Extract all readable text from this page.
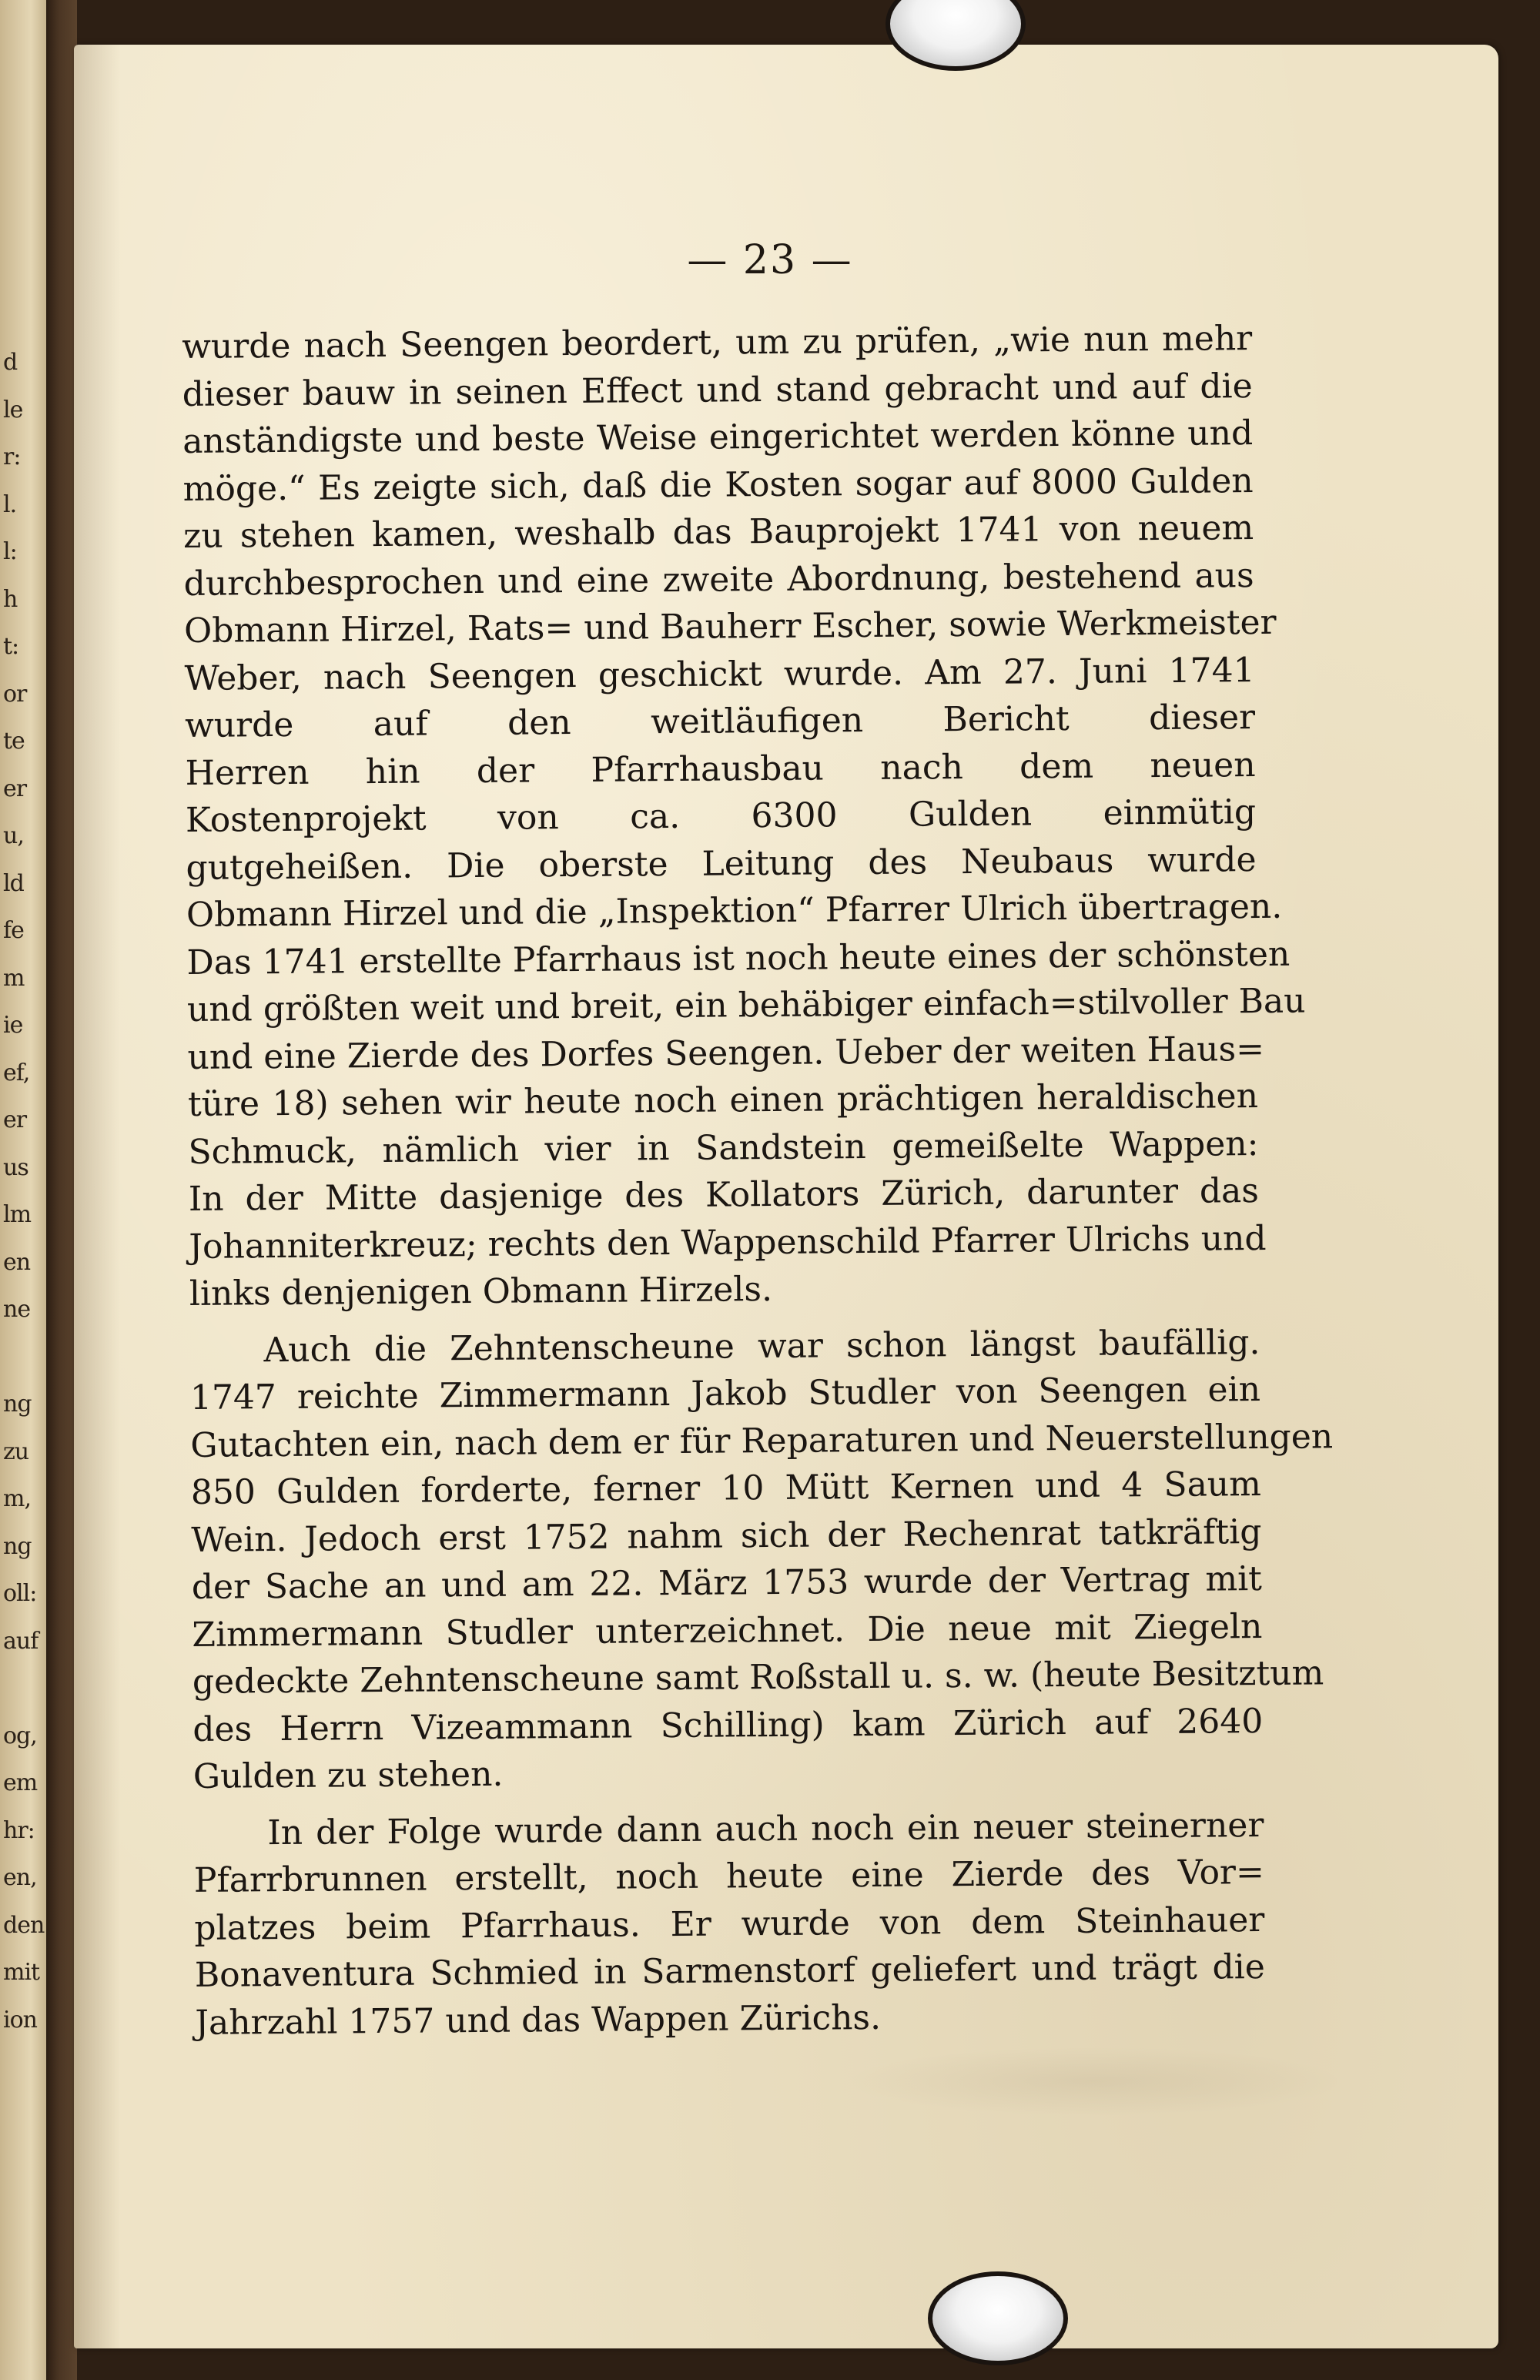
d
le
r:
l.
l:
h
t:
or
te
er
u,
ld
fe
m
ie
ef,
er
us
lm
en
ne
ng
zu
m,
ng
oll:
auf
og,
em
hr:
en,
den
mit
ion
— 23 —
wurde nach Seengen beordert, um zu prüfen, „wie nun mehr
dieser bauw in seinen Effect und stand gebracht und auf die
anständigste und beste Weise eingerichtet werden könne und
möge.“ Es zeigte sich, daß die Kosten sogar auf 8000 Gulden
zu stehen kamen, weshalb das Bauprojekt 1741 von neuem
durchbesprochen und eine zweite Abordnung, bestehend aus
Obmann Hirzel, Rats= und Bauherr Escher, sowie Werkmeister
Weber, nach Seengen geschickt wurde. Am 27. Juni 1741
wurde auf den weitläufigen Bericht dieser
Herren hin der Pfarrhausbau nach dem neuen
Kostenprojekt von ca. 6300 Gulden einmütig
gutgeheißen. Die oberste Leitung des Neubaus wurde
Obmann Hirzel und die „Inspektion“ Pfarrer Ulrich übertragen.
Das 1741 erstellte Pfarrhaus ist noch heute eines der schönsten
und größten weit und breit, ein behäbiger einfach=stilvoller Bau
und eine Zierde des Dorfes Seengen. Ueber der weiten Haus=
türe 18) sehen wir heute noch einen prächtigen heraldischen
Schmuck, nämlich vier in Sandstein gemeißelte Wappen:
In der Mitte dasjenige des Kollators Zürich, darunter das
Johanniterkreuz; rechts den Wappenschild Pfarrer Ulrichs und
links denjenigen Obmann Hirzels.
Auch die Zehntenscheune war schon längst baufällig.
1747 reichte Zimmermann Jakob Studler von Seengen ein
Gutachten ein, nach dem er für Reparaturen und Neuerstellungen
850 Gulden forderte, ferner 10 Mütt Kernen und 4 Saum
Wein. Jedoch erst 1752 nahm sich der Rechenrat tatkräftig
der Sache an und am 22. März 1753 wurde der Vertrag mit
Zimmermann Studler unterzeichnet. Die neue mit Ziegeln
gedeckte Zehntenscheune samt Roßstall u. s. w. (heute Besitztum
des Herrn Vizeammann Schilling) kam Zürich auf 2640
Gulden zu stehen.
In der Folge wurde dann auch noch ein neuer steinerner
Pfarrbrunnen erstellt, noch heute eine Zierde des Vor=
platzes beim Pfarrhaus. Er wurde von dem Steinhauer
Bonaventura Schmied in Sarmenstorf geliefert und trägt die
Jahrzahl 1757 und das Wappen Zürichs.
